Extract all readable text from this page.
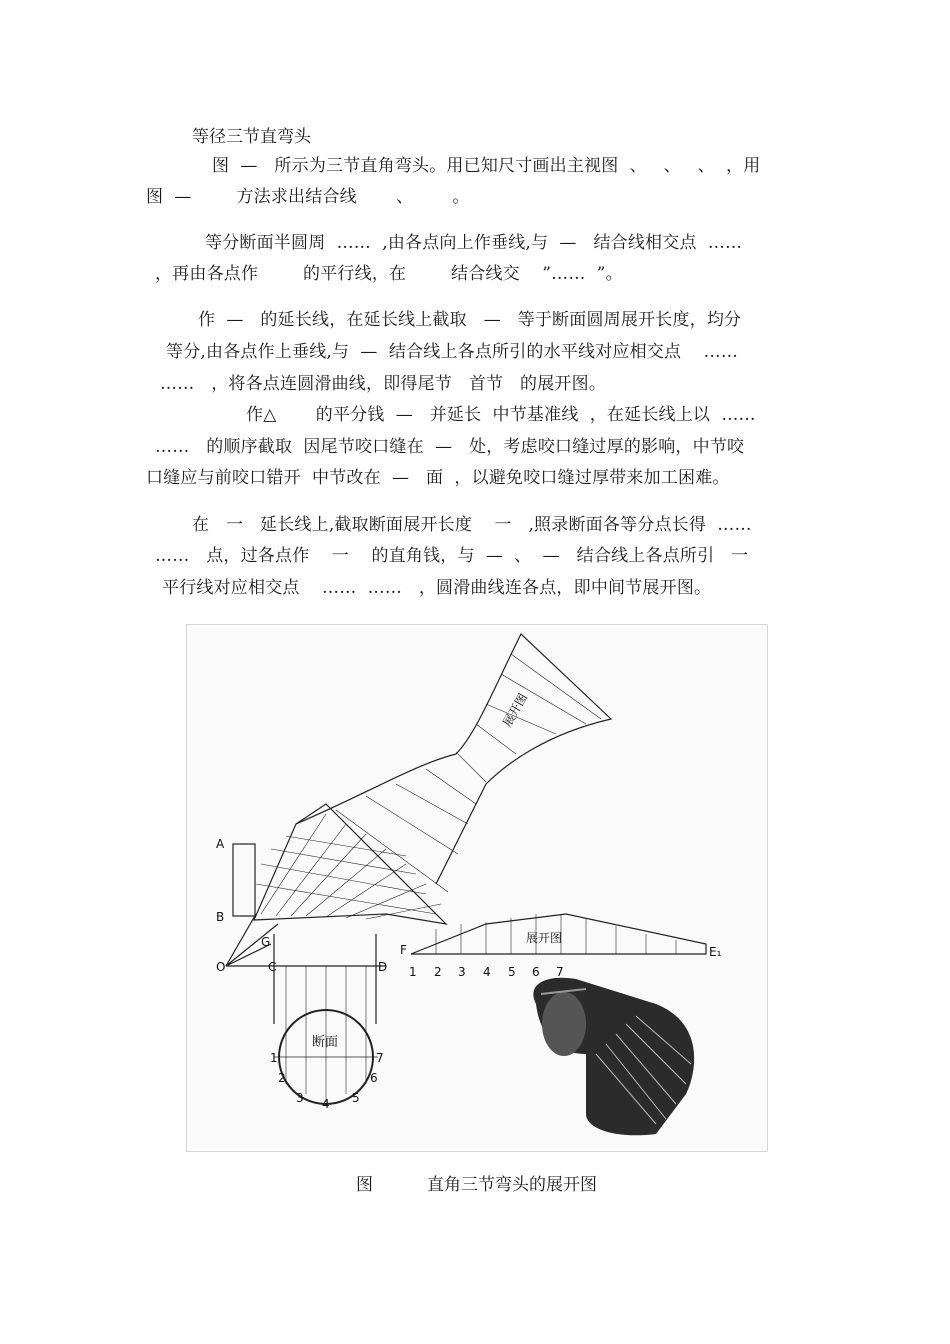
等径三节直弯头
图  —   所示为三节直角弯头。用已知尺寸画出主视图  、   、   、  ，用
图  —        方法求出结合线       、       。
等分断面半圆周  ……  ,由各点向上作垂线,与  —   结合线相交点  ……
，再由各点作        的平行线，在        结合线交    ”……  ”。
作  —   的延长线，在延长线上截取   —   等于断面圆周展开长度，均分
等分,由各点作上垂线,与  —  结合线上各点所引的水平线对应相交点    ……
……   ，将各点连圆滑曲线，即得尾节   首节   的展开图。
作△       的平分钱  —   并延长  中节基准线  ，在延长线上以  ……
……   的顺序截取  因尾节咬口缝在  —   处，考虑咬口缝过厚的影响，中节咬
口缝应与前咬口错开  中节改在  —   面  ，以避免咬口缝过厚带来加工困难。
在   一   延长线上,截取断面展开长度    一   ,照录断面各等分点长得  ……
……   点，过各点作    一    的直角钱，与  —  、  —   结合线上各点所引   一
平行线对应相交点    ……  ……   ，圆滑曲线连各点，即中间节展开图。
A
B
C	D
O
G
F	E₁
断面
展开图
展开图
1 2 3 4 5 6 7
1
2
3 4 5
6
7
图	直角三节弯头的展开图
